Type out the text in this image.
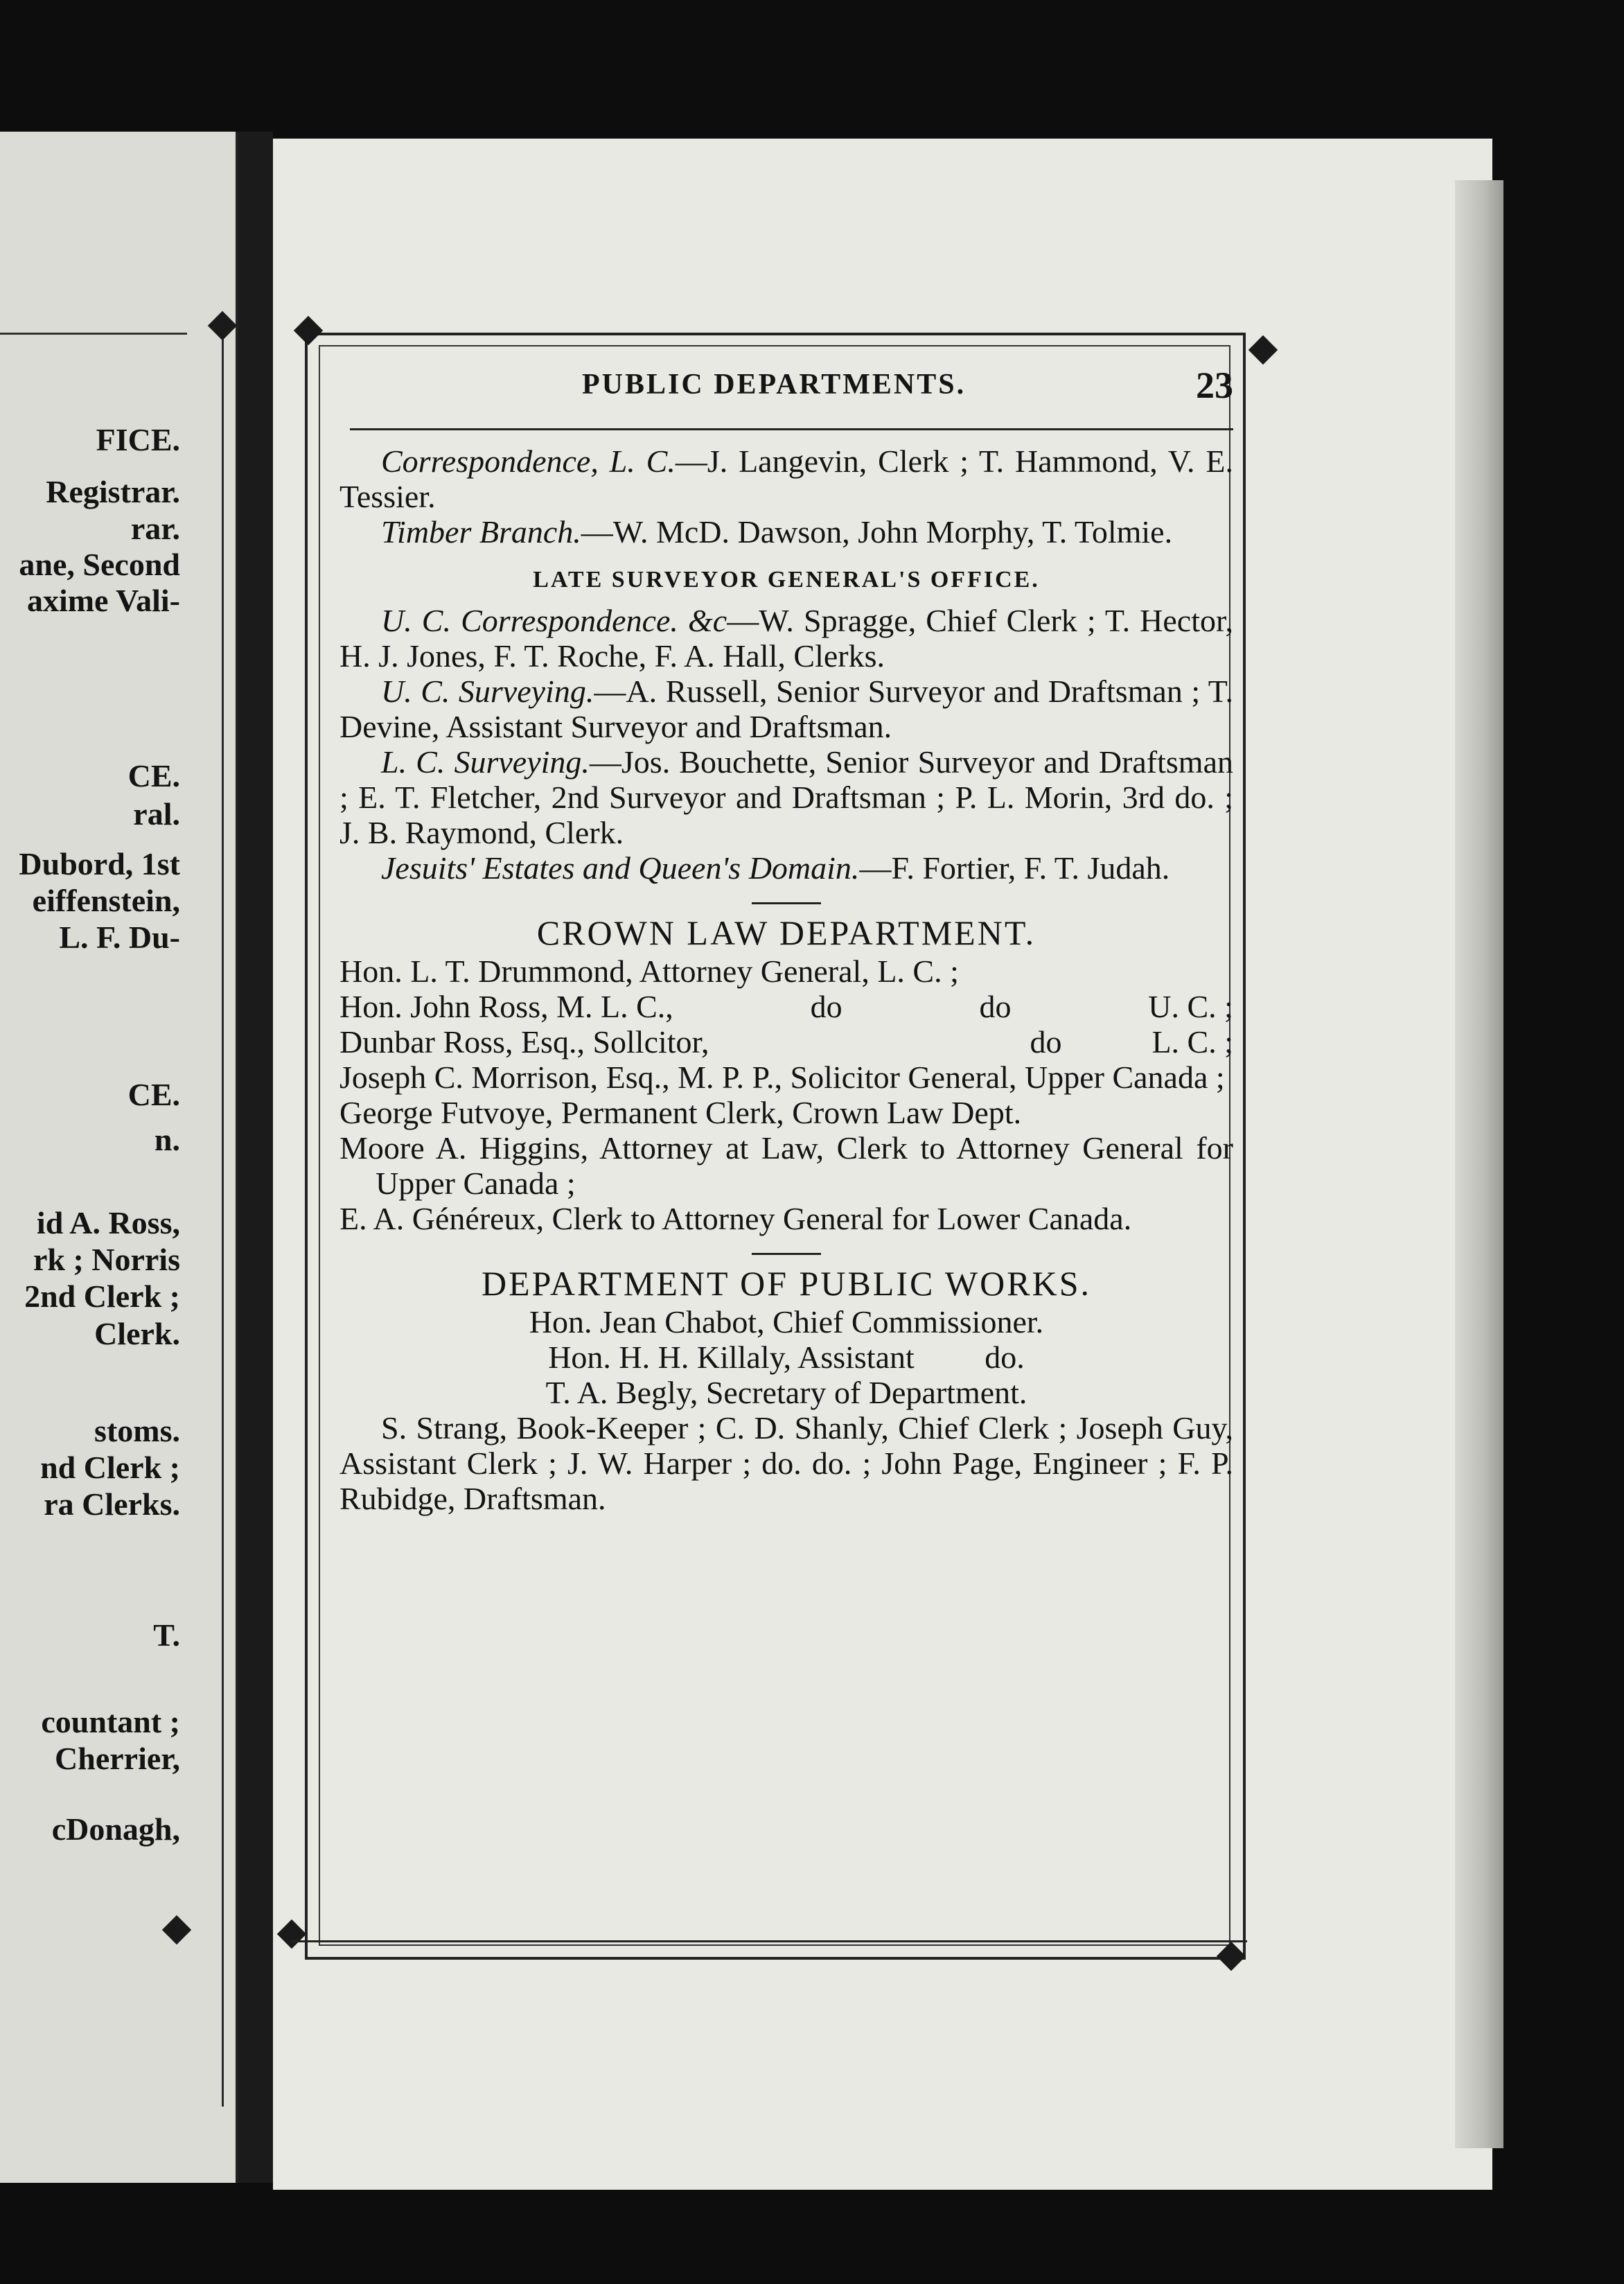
FICE.
Registrar.
rar.
ane, Second
axime Vali-
CE.
ral.
Dubord, 1st
eiffenstein,
L. F. Du-
CE.
n.
id A. Ross,
rk ; Norris
2nd Clerk ;
Clerk.
stoms.
nd Clerk ;
ra Clerks.
T.
countant ;
Cherrier,
cDonagh,
PUBLIC DEPARTMENTS.	23

Correspondence, L. C.—J. Langevin, Clerk ; T. Hammond, V. E. Tessier.

Timber Branch.—W. McD. Dawson, John Morphy, T. Tolmie.

LATE SURVEYOR GENERAL'S OFFICE.

U. C. Correspondence. &c—W. Spragge, Chief Clerk ; T. Hector, H. J. Jones, F. T. Roche, F. A. Hall, Clerks.

U. C. Surveying.—A. Russell, Senior Surveyor and Draftsman ; T. Devine, Assistant Surveyor and Draftsman.

L. C. Surveying.—Jos. Bouchette, Senior Surveyor and Draftsman ; E. T. Fletcher, 2nd Surveyor and Draftsman ; P. L. Morin, 3rd do. ; J. B. Raymond, Clerk.

Jesuits' Estates and Queen's Domain.—F. Fortier, F. T. Judah.

CROWN LAW DEPARTMENT.
Hon. L. T. Drummond, Attorney General, L. C. ;
Hon. John Ross, M. L. C.,	do	do	U. C. ;
Dunbar Ross, Esq., Sollcitor,	do	L. C. ;

Joseph C. Morrison, Esq., M. P. P., Solicitor General, Upper Canada ;

George Futvoye, Permanent Clerk, Crown Law Dept.

Moore A. Higgins, Attorney at Law, Clerk to Attorney General for Upper Canada ;

E. A. Généreux, Clerk to Attorney General for Lower Canada.

DEPARTMENT OF PUBLIC WORKS.

Hon. Jean Chabot, Chief Commissioner.

Hon. H. H. Killaly, Assistant do.

T. A. Begly, Secretary of Department.

S. Strang, Book-Keeper ; C. D. Shanly, Chief Clerk ; Joseph Guy, Assistant Clerk ; J. W. Harper ; do. do. ; John Page, Engineer ; F. P. Rubidge, Draftsman.
